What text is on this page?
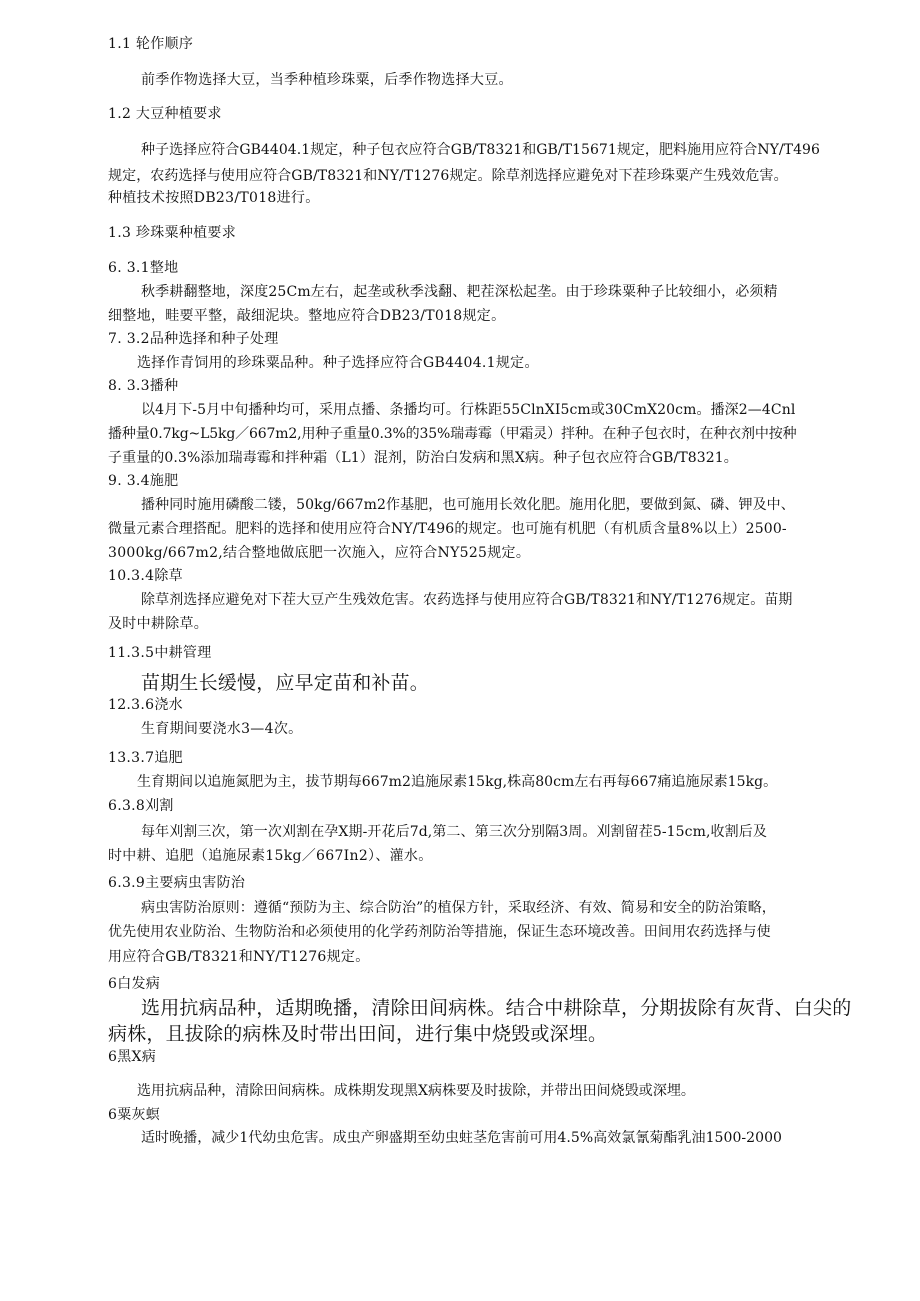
1.1 轮作顺序
前季作物选择大豆，当季种植珍珠粟，后季作物选择大豆。
1.2 大豆种植要求
种子选择应符合GB4404.1规定，种子包衣应符合GB/T8321和GB/T15671规定，肥料施用应符合NY/T496
规定，农药选择与使用应符合GB/T8321和NY/T1276规定。除草剂选择应避免对下茬珍珠粟产生残效危害。
种植技术按照DB23/T018进行。
1.3 珍珠粟种植要求
6. 3.1整地
秋季耕翻整地，深度25Cm左右，起垄或秋季浅翻、耙茬深松起垄。由于珍珠粟种子比较细小，必须精
细整地，畦要平整，敲细泥块。整地应符合DB23/T018规定。
7. 3.2品种选择和种子处理
选择作青饲用的珍珠粟品种。种子选择应符合GB4404.1规定。
8. 3.3播种
以4月下-5月中旬播种均可，采用点播、条播均可。行株距55ClnXI5cm或30CmX20cm。播深2—4Cnl
播种量0.7kg~L5kg／667m2,用种子重量0.3%的35%瑞毒霉（甲霜灵）拌种。在种子包衣时，在种衣剂中按种
子重量的0.3%添加瑞毒霉和拌种霜（L1）混剂，防治白发病和黑X病。种子包衣应符合GB/T8321。
9. 3.4施肥
播种同时施用磷酸二镂，50kg/667m2作基肥，也可施用长效化肥。施用化肥，要做到氮、磷、钾及中、
微量元素合理搭配。肥料的选择和使用应符合NY/T496的规定。也可施有机肥（有机质含量8%以上）2500-
3000kg/667m2,结合整地做底肥一次施入，应符合NY525规定。
10.3.4除草
除草剂选择应避免对下茬大豆产生残效危害。农药选择与使用应符合GB/T8321和NY/T1276规定。苗期
及时中耕除草。
11.3.5中耕管理
苗期生长缓慢，应早定苗和补苗。
12.3.6浇水
生育期间要浇水3—4次。
13.3.7追肥
生育期间以追施氮肥为主，拔节期每667m2追施尿素15kg,株高80cm左右再每667痛追施尿素15kg。
6.3.8刈割
每年刈割三次，第一次刈割在孕X期-开花后7d,第二、第三次分别隔3周。刈割留茬5-15cm,收割后及
时中耕、追肥（追施尿素15kg／667In2）、灌水。
6.3.9主要病虫害防治
病虫害防治原则：遵循“预防为主、综合防治”的植保方针，采取经济、有效、简易和安全的防治策略，
优先使用农业防治、生物防治和必须使用的化学药剂防治等措施，保证生态环境改善。田间用农药选择与使
用应符合GB/T8321和NY/T1276规定。
6白发病
选用抗病品种，适期晚播，清除田间病株。结合中耕除草，分期拔除有灰背、白尖的
病株，且拔除的病株及时带出田间，进行集中烧毁或深埋。
6黑X病
选用抗病品种，清除田间病株。成株期发现黑X病株要及时拔除，并带出田间烧毁或深埋。
6粟灰螟
适时晚播，减少1代幼虫危害。成虫产卵盛期至幼虫蛀茎危害前可用4.5%高效氯氰菊酯乳油1500-2000
